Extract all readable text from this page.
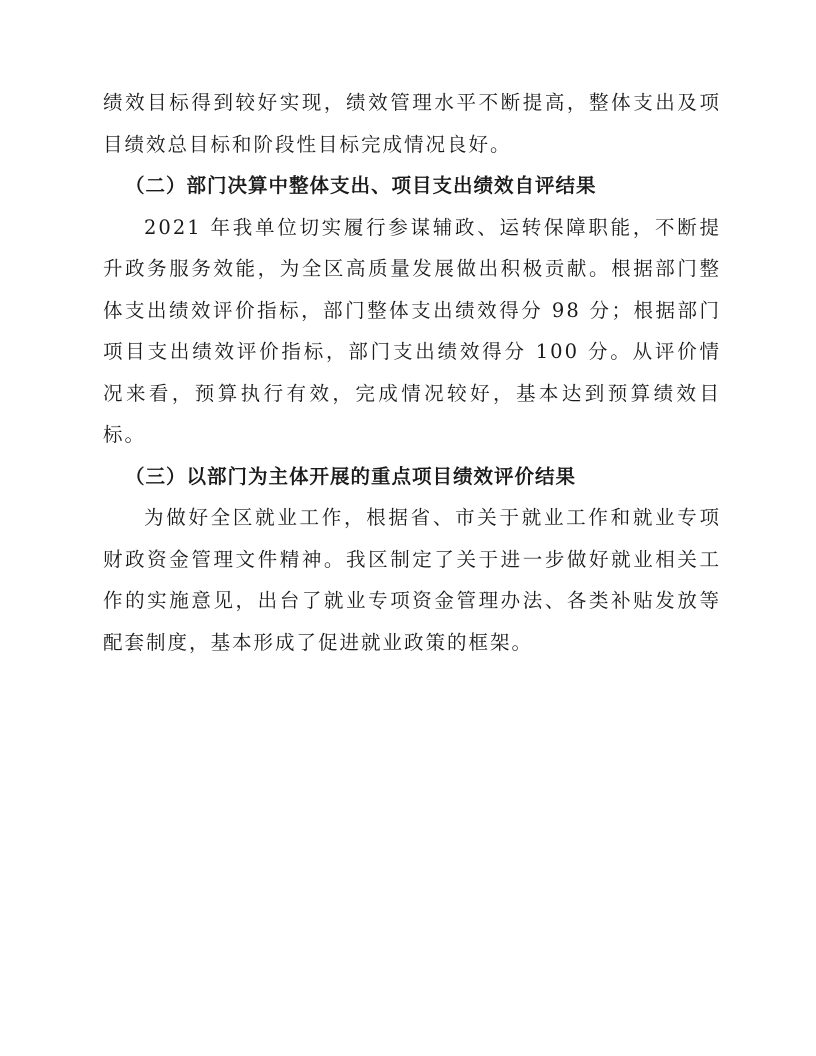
绩效目标得到较好实现，绩效管理水平不断提高，整体支出及项目绩效总目标和阶段性目标完成情况良好。

（二）部门决算中整体支出、项目支出绩效自评结果

2021 年我单位切实履行参谋辅政、运转保障职能，不断提升政务服务效能，为全区高质量发展做出积极贡献。根据部门整体支出绩效评价指标，部门整体支出绩效得分 98 分；根据部门项目支出绩效评价指标，部门支出绩效得分 100 分。从评价情况来看，预算执行有效，完成情况较好，基本达到预算绩效目标。

（三）以部门为主体开展的重点项目绩效评价结果

为做好全区就业工作，根据省、市关于就业工作和就业专项财政资金管理文件精神。我区制定了关于进一步做好就业相关工作的实施意见，出台了就业专项资金管理办法、各类补贴发放等配套制度，基本形成了促进就业政策的框架。
